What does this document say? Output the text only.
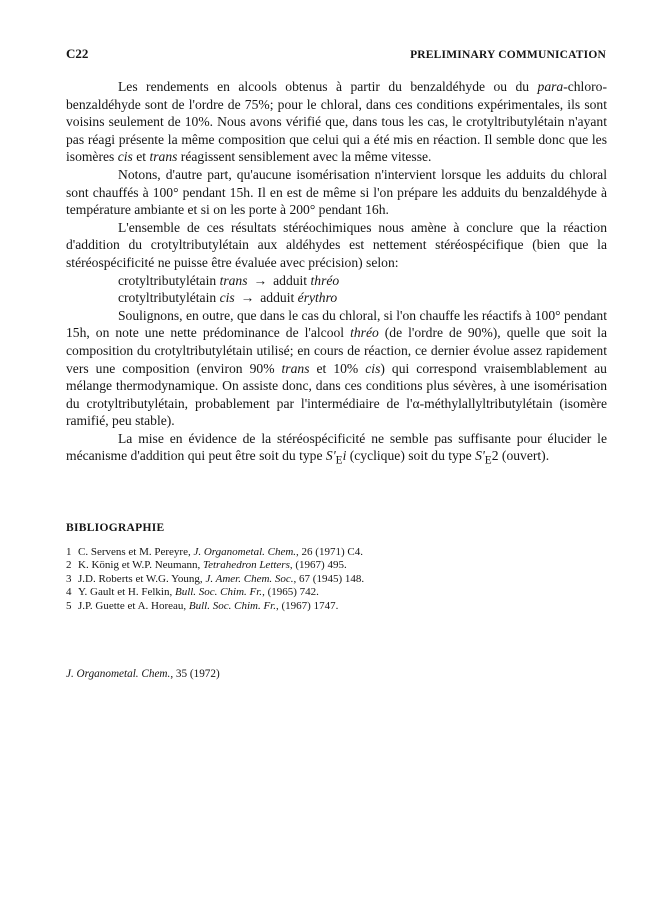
C22	PRELIMINARY COMMUNICATION

Les rendements en alcools obtenus à partir du benzaldéhyde ou du para-chloro-benzaldéhyde sont de l'ordre de 75%; pour le chloral, dans ces conditions expérimentales, ils sont voisins seulement de 10%. Nous avons vérifié que, dans tous les cas, le crotyltributylétain n'ayant pas réagi présente la même composition que celui qui a été mis en réaction. Il semble donc que les isomères cis et trans réagissent sensiblement avec la même vitesse.

Notons, d'autre part, qu'aucune isomérisation n'intervient lorsque les adduits du chloral sont chauffés à 100° pendant 15h. Il en est de même si l'on prépare les adduits du benzaldéhyde à température ambiante et si on les porte à 200° pendant 16h.

L'ensemble de ces résultats stéréochimiques nous amène à conclure que la réaction d'addition du crotyltributylétain aux aldéhydes est nettement stéréospécifique (bien que la stéréospécificité ne puisse être évaluée avec précision) selon:

crotyltributylétain trans → adduit thréo

crotyltributylétain cis → adduit érythro

Soulignons, en outre, que dans le cas du chloral, si l'on chauffe les réactifs à 100° pendant 15h, on note une nette prédominance de l'alcool thréo (de l'ordre de 90%), quelle que soit la composition du crotyltributylétain utilisé; en cours de réaction, ce dernier évolue assez rapidement vers une composition (environ 90% trans et 10% cis) qui correspond vraisemblablement au mélange thermodynamique. On assiste donc, dans ces conditions plus sévères, à une isomérisation du crotyltributylétain, probablement par l'intermédiaire de l'α-méthylallyltributylétain (isomère ramifié, peu stable).

La mise en évidence de la stéréospécificité ne semble pas suffisante pour élucider le mécanisme d'addition qui peut être soit du type $S'_Ei$ (cyclique) soit du type $S'_E2$ (ouvert).

BIBLIOGRAPHIE
1 C. Servens et M. Pereyre, J. Organometal. Chem., 26 (1971) C4.
2 K. König et W.P. Neumann, Tetrahedron Letters, (1967) 495.
3 J.D. Roberts et W.G. Young, J. Amer. Chem. Soc., 67 (1945) 148.
4 Y. Gault et H. Felkin, Bull. Soc. Chim. Fr., (1965) 742.
5 J.P. Guette et A. Horeau, Bull. Soc. Chim. Fr., (1967) 1747.
J. Organometal. Chem., 35 (1972)
